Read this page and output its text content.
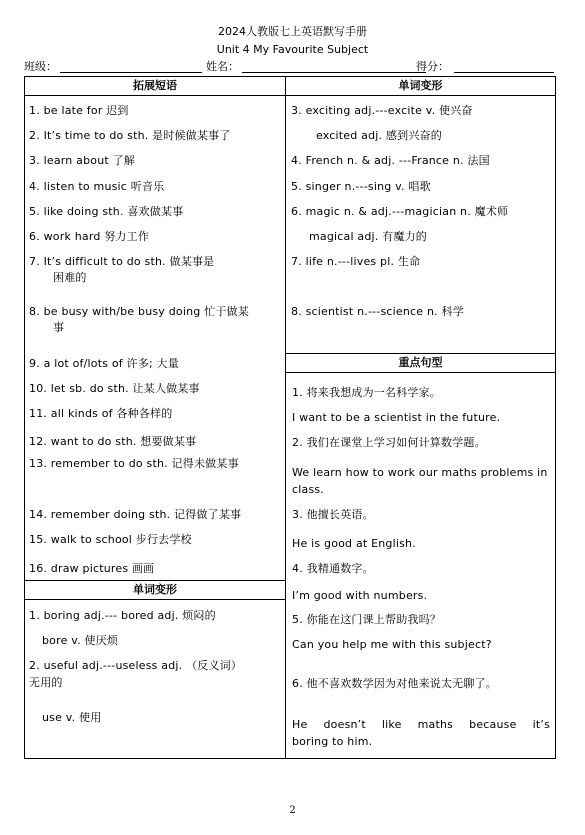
2024人教版七上英语默写手册
Unit 4 My Favourite Subject
班级：	姓名：	得分：
拓展短语
1. be late for 迟到
2. It’s time to do sth. 是时候做某事了
3. learn about 了解
4. listen to music 听音乐
5. like doing sth. 喜欢做某事
6. work hard 努力工作
7. It’s difficult to do sth. 做某事是
困难的
8. be busy with/be busy doing 忙于做某
事
9. a lot of/lots of 许多; 大量
10. let sb. do sth. 让某人做某事
11. all kinds of 各种各样的
12. want to do sth. 想要做某事
13. remember to do sth. 记得未做某事
14. remember doing sth. 记得做了某事
15. walk to school 步行去学校
16. draw pictures 画画
单词变形
1. boring adj.--- bored adj. 烦闷的
bore v. 使厌烦
2. useful adj.---useless adj. （反义词）
无用的
use v. 使用
单词变形
3. exciting adj.---excite v. 使兴奋
excited adj. 感到兴奋的
4. French n. & adj. ---France n. 法国
5. singer n.---sing v. 唱歌
6. magic n. & adj.---magician n. 魔术师
magical adj. 有魔力的
7. life n.---lives pl. 生命
8. scientist n.---science n. 科学
重点句型
1. 将来我想成为一名科学家。
I want to be a scientist in the future.
2. 我们在课堂上学习如何计算数学题。
We learn how to work our maths problems in
class.
3. 他擅长英语。
He is good at English.
4. 我精通数字。
I’m good with numbers.
5. 你能在这门课上帮助我吗？
Can you help me with this subject?
6. 他不喜欢数学因为对他来说太无聊了。
He doesn’t like maths because it’s
boring to him.
2
